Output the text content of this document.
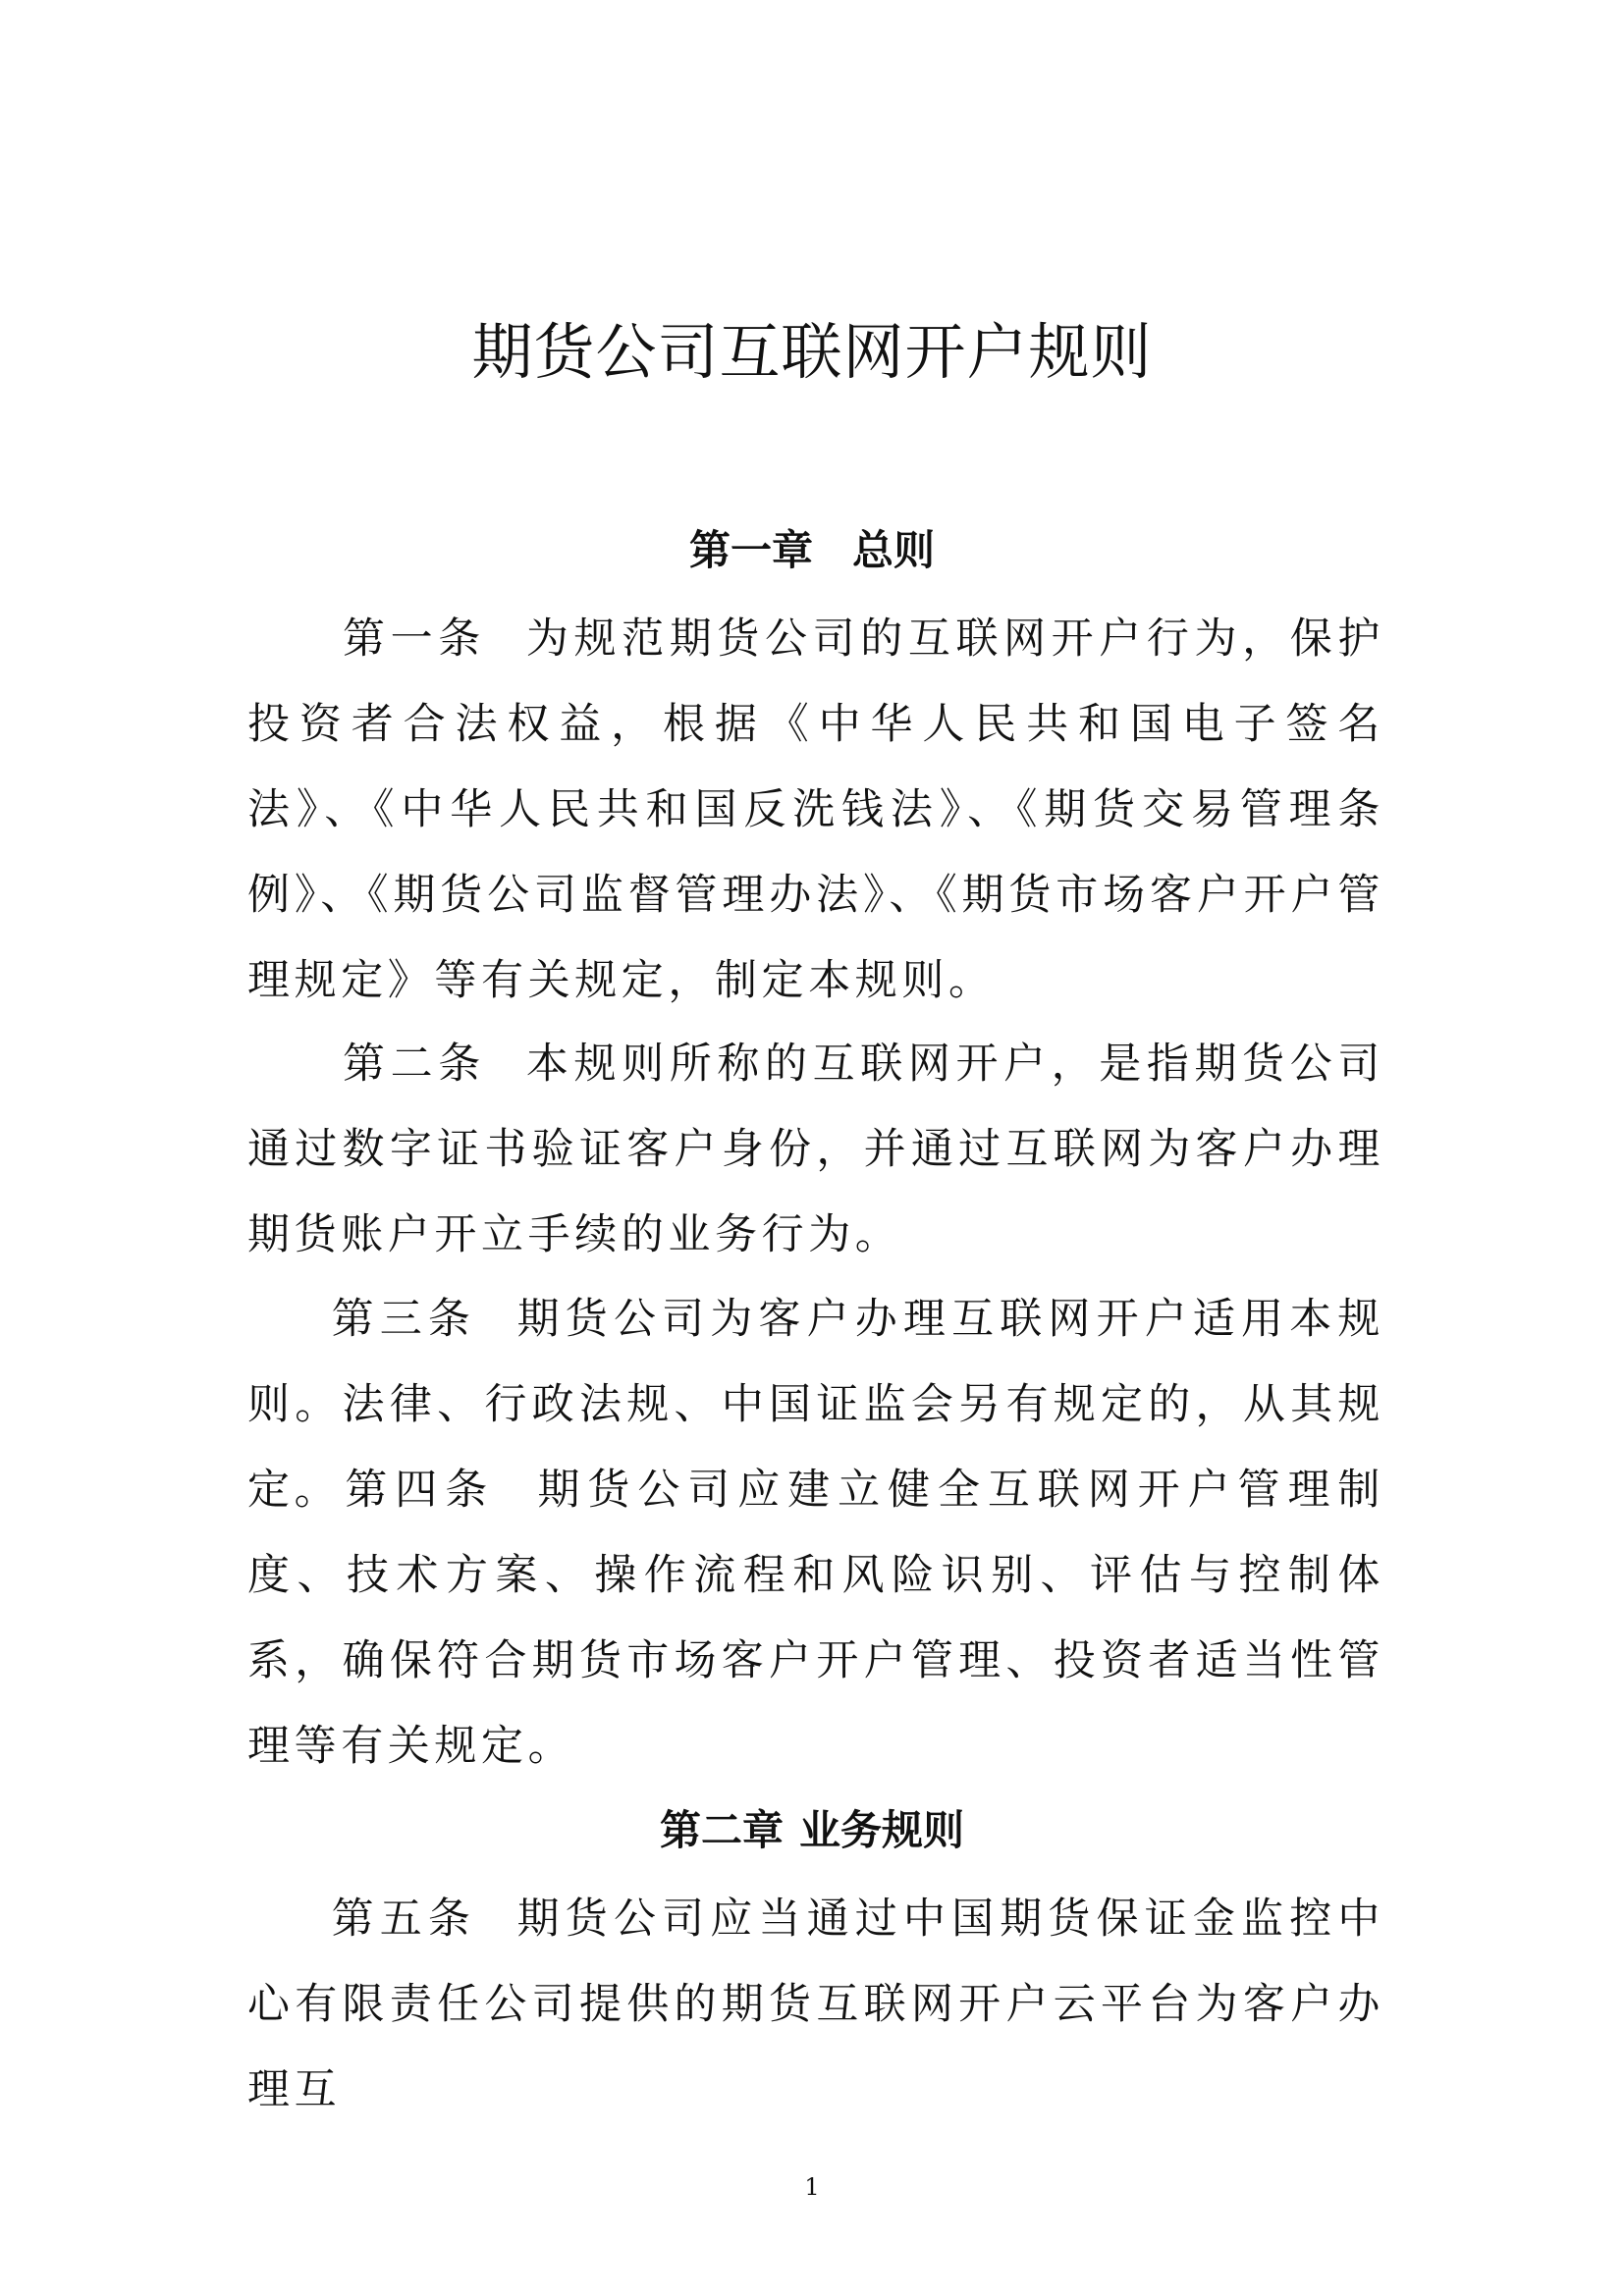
期货公司互联网开户规则
第一章 总则

第一条 为规范期货公司的互联网开户行为，保护投资者合法权益，根据《中华人民共和国电子签名法》、《中华人民共和国反洗钱法》、《期货交易管理条例》、《期货公司监督管理办法》、《期货市场客户开户管理规定》等有关规定，制定本规则。

第二条 本规则所称的互联网开户，是指期货公司通过数字证书验证客户身份，并通过互联网为客户办理期货账户开立手续的业务行为。

第三条 期货公司为客户办理互联网开户适用本规则。法律、行政法规、中国证监会另有规定的，从其规定。 第四条 期货公司应建立健全互联网开户管理制度、技术方案、操作流程和风险识别、评估与控制体系，确保符合期货市场客户开户管理、投资者适当性管理等有关规定。

第二章 业务规则

第五条 期货公司应当通过中国期货保证金监控中心有限责任公司提供的期货互联网开户云平台为客户办理互

1
